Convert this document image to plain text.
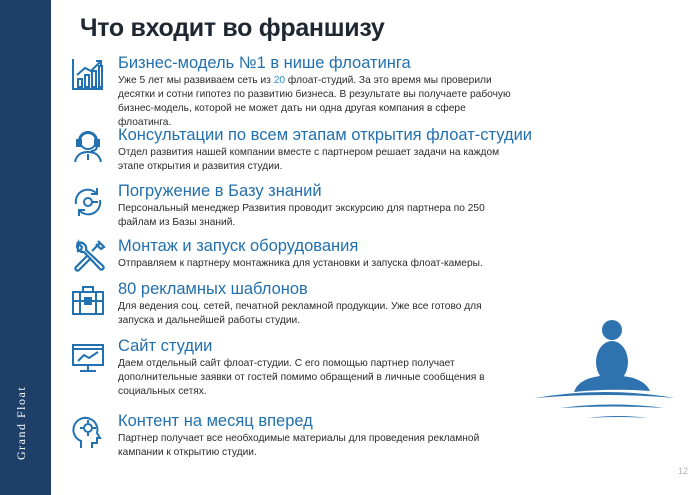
Grand Float
Что входит во франшизу
Бизнес-модель №1 в нише флоатинга
Уже 5 лет мы развиваем сеть из 20 флоат-студий. За это время мы проверили десятки и сотни гипотез по развитию бизнеса. В результате вы получаете рабочую бизнес-модель, которой не может дать ни одна другая компания в сфере флоатинга.
Консультации по всем этапам открытия флоат-студии
Отдел развития нашей компании вместе с партнером решает задачи на каждом этапе открытия и развития студии.
Погружение в Базу знаний
Персональный менеджер Развития проводит экскурсию для партнера по 250 файлам из Базы знаний.
Монтаж и запуск оборудования
Отправляем к партнеру монтажника для установки и запуска флоат-камеры.
80 рекламных шаблонов
Для ведения соц. сетей, печатной рекламной продукции. Уже все готово для запуска и дальнейшей работы студии.
Сайт студии
Даем отдельный сайт флоат-студии. С его помощью партнер получает дополнительные заявки от гостей помимо обращений в личные сообщения в социальных сетях.
Контент на месяц вперед
Партнер получает все необходимые материалы для проведения рекламной кампании к открытию студии.
12
